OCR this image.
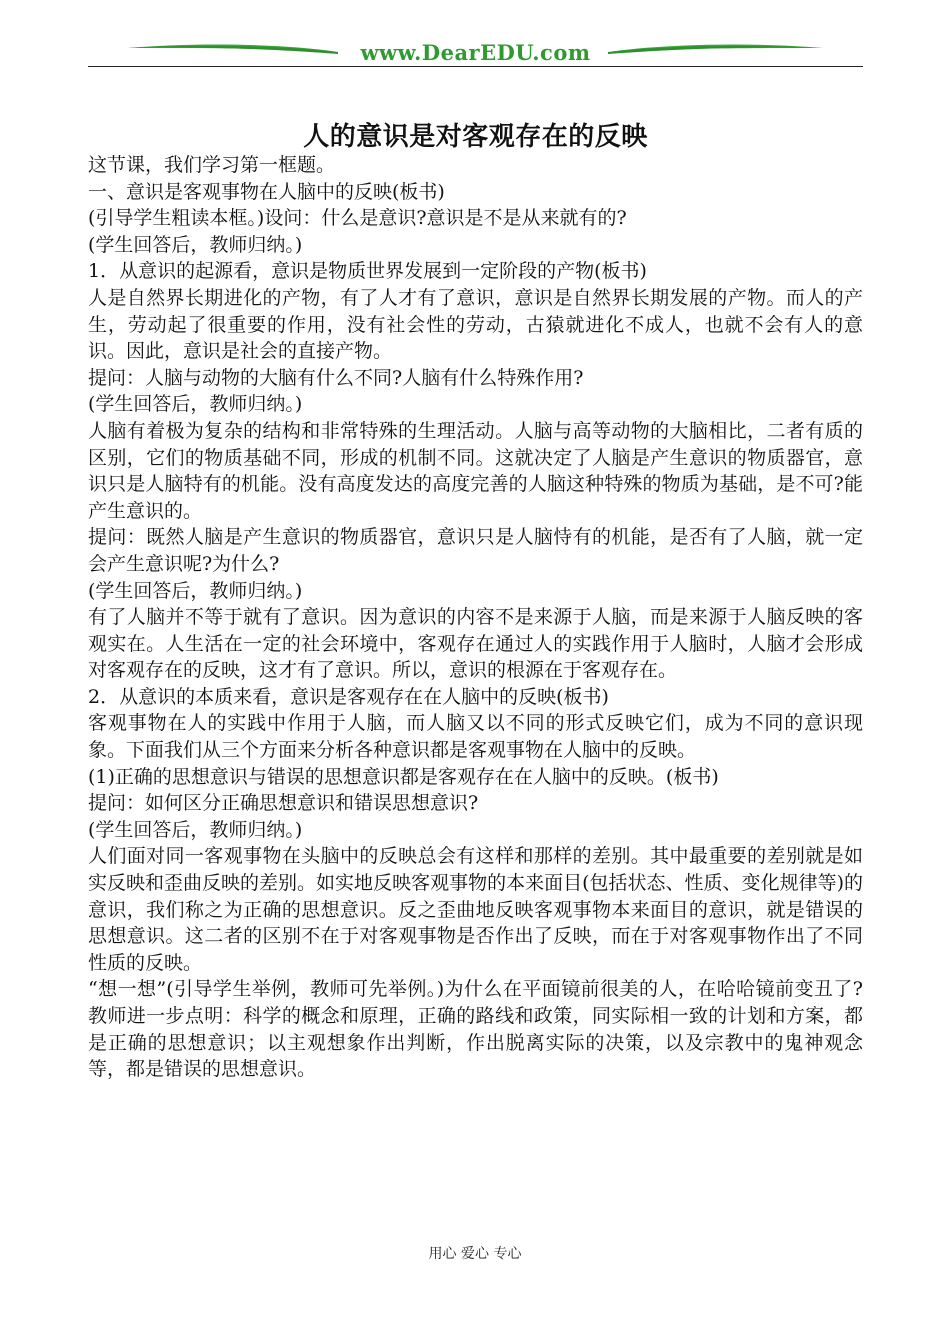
www.DearEDU.com
人的意识是对客观存在的反映

这节课，我们学习第一框题。

一、意识是客观事物在人脑中的反映(板书)

(引导学生粗读本框。)设问：什么是意识?意识是不是从来就有的?

(学生回答后，教师归纳。)

1．从意识的起源看，意识是物质世界发展到一定阶段的产物(板书)

人是自然界长期进化的产物，有了人才有了意识，意识是自然界长期发展的产物。而人的产生，劳动起了很重要的作用，没有社会性的劳动，古猿就进化不成人，也就不会有人的意识。因此，意识是社会的直接产物。

提问：人脑与动物的大脑有什么不同?人脑有什么特殊作用?

(学生回答后，教师归纳。)

人脑有着极为复杂的结构和非常特殊的生理活动。人脑与高等动物的大脑相比，二者有质的区别，它们的物质基础不同，形成的机制不同。这就决定了人脑是产生意识的物质器官，意识只是人脑特有的机能。没有高度发达的高度完善的人脑这种特殊的物质为基础，是不可?能产生意识的。

提问：既然人脑是产生意识的物质器官，意识只是人脑恃有的机能，是否有了人脑，就一定会产生意识呢?为什么?

(学生回答后，教师归纳。)

有了人脑并不等于就有了意识。因为意识的内容不是来源于人脑，而是来源于人脑反映的客观实在。人生活在一定的社会环境中，客观存在通过人的实践作用于人脑时，人脑才会形成对客观存在的反映，这才有了意识。所以，意识的根源在于客观存在。

2．从意识的本质来看，意识是客观存在在人脑中的反映(板书)

客观事物在人的实践中作用于人脑，而人脑又以不同的形式反映它们，成为不同的意识现象。下面我们从三个方面来分析各种意识都是客观事物在人脑中的反映。

(1)正确的思想意识与错误的思想意识都是客观存在在人脑中的反映。(板书)

提问：如何区分正确思想意识和错误思想意识?

(学生回答后，教师归纳。)

人们面对同一客观事物在头脑中的反映总会有这样和那样的差别。其中最重要的差别就是如实反映和歪曲反映的差别。如实地反映客观事物的本来面目(包括状态、性质、变化规律等)的意识，我们称之为正确的思想意识。反之歪曲地反映客观事物本来面目的意识，就是错误的思想意识。这二者的区别不在于对客观事物是否作出了反映，而在于对客观事物作出了不同性质的反映。

“想一想”(引导学生举例，教师可先举例。)为什么在平面镜前很美的人，在哈哈镜前变丑了?教师进一步点明：科学的概念和原理，正确的路线和政策，同实际相一致的计划和方案，都是正确的思想意识；以主观想象作出判断，作出脱离实际的决策，以及宗教中的鬼神观念等，都是错误的思想意识。

用心 爱心 专心
